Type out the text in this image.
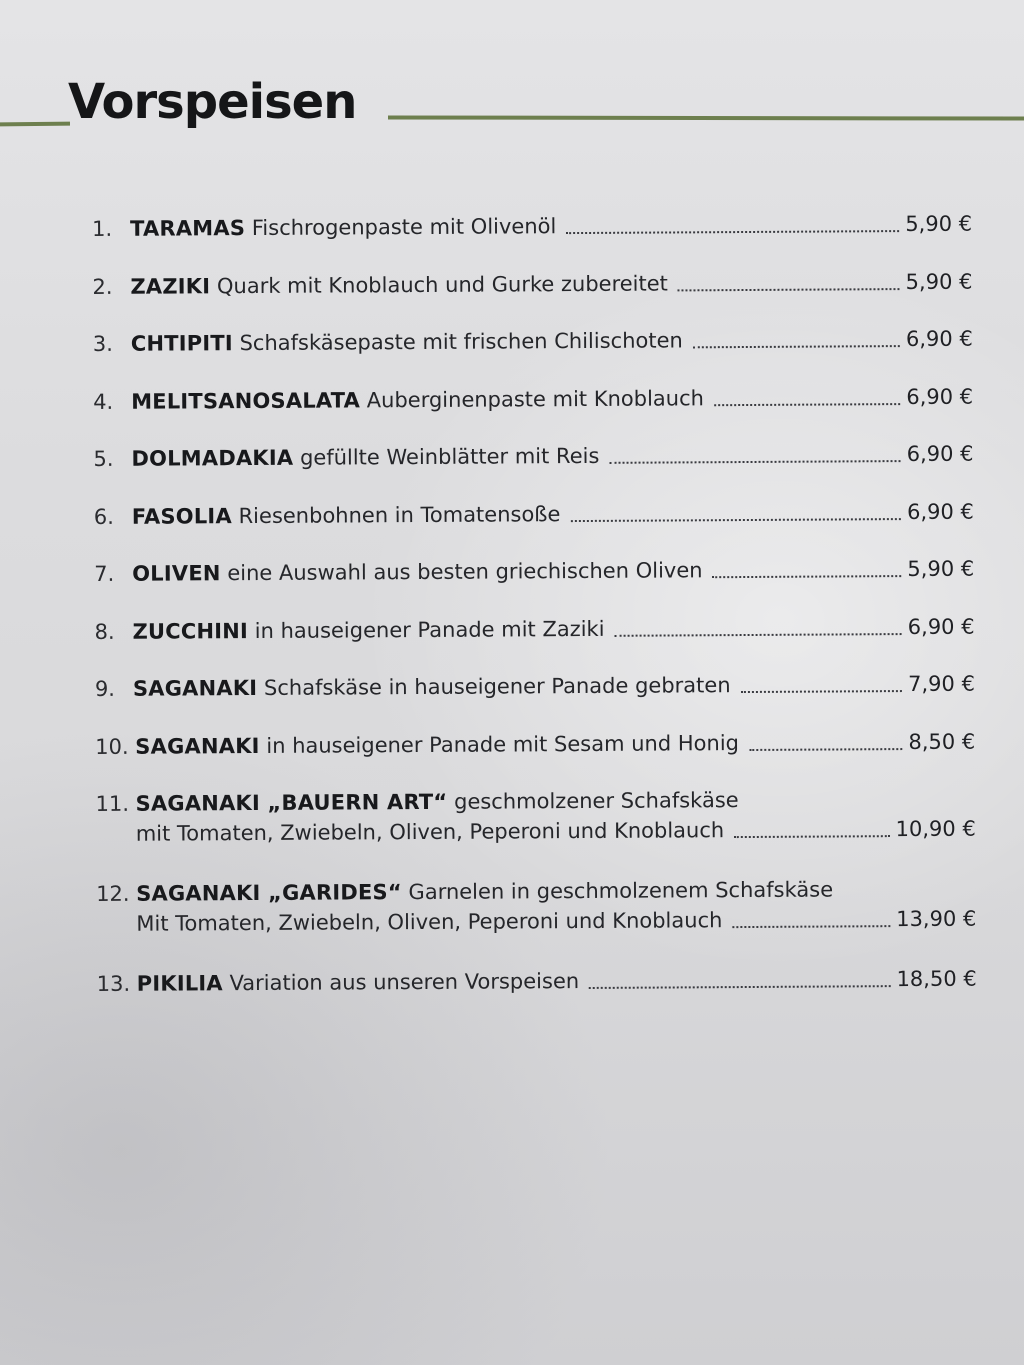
Vorspeisen
1. TARAMAS
Fischrogenpaste mit Olivenöl	5,90 €
2. ZAZIKI
Quark mit Knoblauch und Gurke zubereitet	5,90 €
3. CHTIPITI
Schafskäsepaste mit frischen Chilischoten	6,90 €
4. MELITSANOSALATA
Auberginenpaste mit Knoblauch	6,90 €
5. DOLMADAKIA
gefüllte Weinblätter mit Reis	6,90 €
6. FASOLIA
Riesenbohnen in Tomatensoße	6,90 €
7. OLIVEN
eine Auswahl aus besten griechischen Oliven	5,90 €
8. ZUCCHINI
in hauseigener Panade mit Zaziki	6,90 €
9. SAGANAKI
Schafskäse in hauseigener Panade gebraten	7,90 €
10. SAGANAKI
in hauseigener Panade mit Sesam und Honig	8,50 €
11. SAGANAKI „BAUERN ART“
geschmolzener Schafskäse
mit Tomaten, Zwiebeln, Oliven, Peperoni und Knoblauch	10,90 €
12. SAGANAKI „GARIDES“
Garnelen in geschmolzenem Schafskäse
Mit Tomaten, Zwiebeln, Oliven, Peperoni und Knoblauch	13,90 €
13. PIKILIA
Variation aus unseren Vorspeisen	18,50 €
